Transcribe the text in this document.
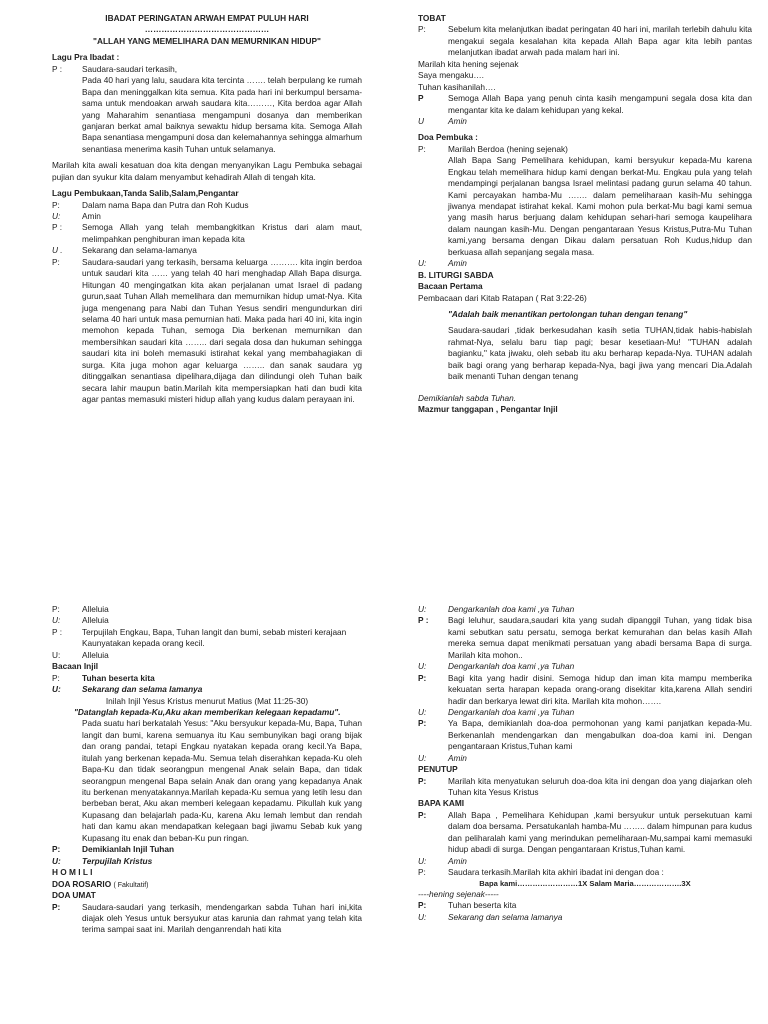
IBADAT PERINGATAN ARWAH EMPAT PULUH HARI

………………………………………

"ALLAH YANG MEMELIHARA DAN MEMURNIKAN HIDUP"

Lagu Pra Ibadat :

P :	Saudara-saudari terkasih,

Pada 40 hari yang lalu, saudara kita tercinta ……. telah berpulang ke rumah Bapa dan meninggalkan kita semua. Kita pada hari ini berkumpul bersama-sama untuk mendoakan arwah saudara kita………, Kita berdoa agar Allah yang Maharahim senantiasa mengampuni dosanya dan memberikan ganjaran berkat amal baiknya sewaktu hidup bersama kita. Semoga Allah Bapa senantiasa mengampuni dosa dan kelemahannya sehingga almarhum senantiasa menerima kasih Tuhan untuk selamanya.

Marilah kita awali kesatuan doa kita dengan menyanyikan Lagu Pembuka sebagai pujian dan syukur kita dalam menyambut kehadirah Allah di tengah kita.

Lagu Pembukaan,Tanda Salib,Salam,Pengantar

P:	Dalam nama Bapa dan Putra dan Roh Kudus
U:	Amin
P :	Semoga Allah yang telah membangkitkan Kristus dari alam maut, melimpahkan penghiburan iman kepada kita
U .	Sekarang dan selama-lamanya
P:	Saudara-saudari yang terkasih, bersama keluarga ………. kita ingin berdoa untuk saudari kita …… yang telah 40 hari menghadap Allah Bapa disurga. Hitungan 40 mengingatkan kita akan perjalanan umat Israel di padang gurun,saat Tuhan Allah memelihara dan memurnikan hidup umat-Nya. Kita juga mengenang para Nabi dan Tuhan Yesus sendiri mengundurkan diri selama 40 hari untuk masa pemurnian hati. Maka pada hari 40 ini, kita ingin memohon kepada Tuhan, semoga Dia berkenan memurnikan dan membersihkan saudari kita …….. dari segala dosa dan hukuman sehingga saudari kita ini boleh memasuki istirahat kekal yang membahagiakan di surga. Kita juga mohon agar keluarga …….. dan sanak saudara yg ditinggalkan senantiasa dipelihara,dijaga dan dilindungi oleh Tuhan baik secara lahir maupun batin.Marilah kita mempersiapkan hati dan budi kita agar pantas memasuki misteri hidup allah yang kudus dalam perayaan ini.

TOBAT

P:	Sebelum kita melanjutkan ibadat peringatan 40 hari ini, marilah terlebih dahulu kita mengakui segala kesalahan kita kepada Allah Bapa agar kita lebih pantas melanjutkan ibadat arwah pada malam hari ini.

Marilah kita hening sejenak

Saya mengaku….

Tuhan kasihanilah….

P	Semoga Allah Bapa yang penuh cinta kasih mengampuni segala dosa kita dan mengantar kita ke dalam kehidupan yang kekal.
U	Amin

Doa Pembuka :

P:	Marilah Berdoa (hening sejenak)

Allah Bapa Sang Pemelihara kehidupan, kami bersyukur kepada-Mu karena Engkau telah memelihara hidup kami dengan berkat-Mu. Engkau pula yang telah mendampingi perjalanan bangsa Israel melintasi padang gurun selama 40 tahun. Kami percayakan hamba-Mu ……. dalam pemeliharaan kasih-Mu sehingga jiwanya mendapat istirahat kekal. Kami mohon pula berkat-Mu bagi kami semua yang masih harus berjuang dalam kehidupan sehari-hari semoga kaupelihara dalam naungan kasih-Mu. Dengan pengantaraan Yesus Kristus,Putra-Mu Tuhan kami,yang bersama dengan Dikau dalam persatuan Roh Kudus,hidup dan berkuasa allah sepanjang segala masa.

U:	Amin

B. LITURGI SABDA

Bacaan Pertama

Pembacaan dari Kitab Ratapan ( Rat 3:22-26)

"Adalah baik menantikan pertolongan tuhan dengan tenang"

Saudara-saudari ,tidak berkesudahan kasih setia TUHAN,tidak habis-habislah rahmat-Nya, selalu baru tiap pagi; besar kesetiaan-Mu! "TUHAN adalah bagianku," kata jiwaku, oleh sebab itu aku berharap kepada-Nya. TUHAN adalah baik bagi orang yang berharap kepada-Nya, bagi jiwa yang mencari Dia.Adalah baik menanti Tuhan dengan tenang

Demikianlah sabda Tuhan.

Mazmur tanggapan , Pengantar Injil

P:	Alleluia
U:	Alleluia
P :	Terpujilah Engkau, Bapa, Tuhan langit dan bumi, sebab misteri kerajaan Kaunyatakan kepada orang kecil.
U:	Alleluia

Bacaan Injil

P:	Tuhan beserta kita
U:	Sekarang dan selama lamanya

Inilah Injil Yesus Kristus menurut Matius (Mat 11:25-30)

"Datanglah kepada-Ku,Aku akan memberikan kelegaan kepadamu".

Pada suatu hari berkatalah Yesus: "Aku bersyukur kepada-Mu, Bapa, Tuhan langit dan bumi, karena semuanya itu Kau sembunyikan bagi orang bijak dan orang pandai, tetapi Engkau nyatakan kepada orang kecil.Ya Bapa, itulah yang berkenan kepada-Mu. Semua telah diserahkan kepada-Ku oleh Bapa-Ku dan tidak seorangpun mengenal Anak selain Bapa, dan tidak seorangpun mengenal Bapa selain Anak dan orang yang kepadanya Anak itu berkenan menyatakannya.Marilah kepada-Ku semua yang letih lesu dan berbeban berat, Aku akan memberi kelegaan kepadamu. Pikullah kuk yang Kupasang dan belajarlah pada-Ku, karena Aku lemah lembut dan rendah hati dan kamu akan mendapatkan kelegaan bagi jiwamu Sebab kuk yang Kupasang itu enak dan beban-Ku pun ringan.

P:	Demikianlah Injil Tuhan
U:	Terpujilah Kristus

H O M I L I

DOA ROSARIO ( Fakultatif)

DOA UMAT

P:	Saudara-saudari yang terkasih, mendengarkan sabda Tuhan hari ini,kita diajak oleh Yesus untuk bersyukur atas karunia dan rahmat yang telah kita terima sampai saat ini. Marilah denganrendah hati kita
U:	Dengarkanlah doa kami ,ya Tuhan
P :	Bagi leluhur, saudara,saudari kita yang sudah dipanggil Tuhan, yang tidak bisa kami sebutkan satu persatu, semoga berkat kemurahan dan belas kasih Allah mereka semua dapat menikmati persatuan yang abadi bersama Bapa di surga. Marilah kita mohon..
U:	Dengarkanlah doa kami ,ya Tuhan
P:	Bagi kita yang hadir disini. Semoga hidup dan iman kita mampu memberika kekuatan serta harapan kepada orang-orang disekitar kita,karena Allah sendiri hadir dan berkarya lewat diri kita. Marilah kita mohon…….
U:	Dengarkanlah doa kami ,ya Tuhan
P:	Ya Bapa, demikianlah doa-doa permohonan yang kami panjatkan kepada-Mu. Berkenanlah mendengarkan dan mengabulkan doa-doa kami ini. Dengan pengantaraan Kristus,Tuhan kami
U:	Amin

PENUTUP

P:	Marilah kita menyatukan seluruh doa-doa kita ini dengan doa yang diajarkan oleh Tuhan kita Yesus Kristus

BAPA KAMI

P:	Allah Bapa , Pemelihara Kehidupan ,kami bersyukur untuk persekutuan kami dalam doa bersama. Persatukanlah hamba-Mu …….. dalam himpunan para kudus dan peliharalah kami yang merindukan pemeliharaan-Mu,sampai kami memasuki hidup abadi di surga. Dengan pengantaraan Kristus,Tuhan kami.
U:	Amin
P:	Saudara terkasih.Marilah kita akhiri ibadat ini dengan doa :

Bapa kami……………………1X Salam Maria……………….3X

----hening sejenak-----

P:	Tuhan beserta kita
U:	Sekarang dan selama lamanya
